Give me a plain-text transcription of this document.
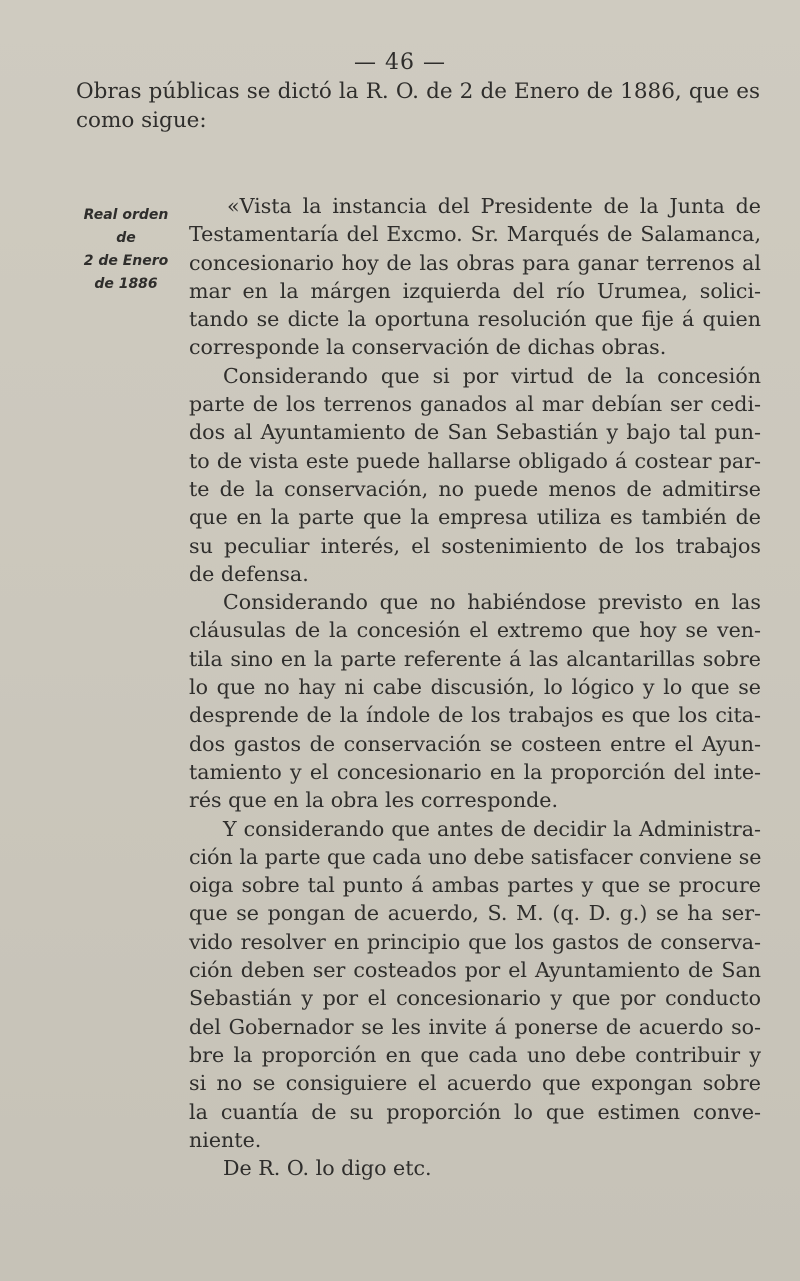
— 46 —
Obras públicas se dictó la R. O. de 2 de Enero de 1886, que es
como sigue:
Real orden
de
2 de Enero
de 1886
«Vista la instancia del Presidente de la Junta de
Testamentaría del Excmo. Sr. Marqués de Salamanca,
concesionario hoy de las obras para ganar terrenos al
mar en la márgen izquierda del río Urumea, solici-
tando se dicte la oportuna resolución que fije á quien
corresponde la conservación de dichas obras.
Considerando que si por virtud de la concesión
parte de los terrenos ganados al mar debían ser cedi-
dos al Ayuntamiento de San Sebastián y bajo tal pun-
to de vista este puede hallarse obligado á costear par-
te de la conservación, no puede menos de admitirse
que en la parte que la empresa utiliza es también de
su peculiar interés, el sostenimiento de los trabajos
de defensa.
Considerando que no habiéndose previsto en las
cláusulas de la concesión el extremo que hoy se ven-
tila sino en la parte referente á las alcantarillas sobre
lo que no hay ni cabe discusión, lo lógico y lo que se
desprende de la índole de los trabajos es que los cita-
dos gastos de conservación se costeen entre el Ayun-
tamiento y el concesionario en la proporción del inte-
rés que en la obra les corresponde.
Y considerando que antes de decidir la Administra-
ción la parte que cada uno debe satisfacer conviene se
oiga sobre tal punto á ambas partes y que se procure
que se pongan de acuerdo, S. M. (q. D. g.) se ha ser-
vido resolver en principio que los gastos de conserva-
ción deben ser costeados por el Ayuntamiento de San
Sebastián y por el concesionario y que por conducto
del Gobernador se les invite á ponerse de acuerdo so-
bre la proporción en que cada uno debe contribuir y
si no se consiguiere el acuerdo que expongan sobre
la cuantía de su proporción lo que estimen conve-
niente.
De R. O. lo digo etc.
